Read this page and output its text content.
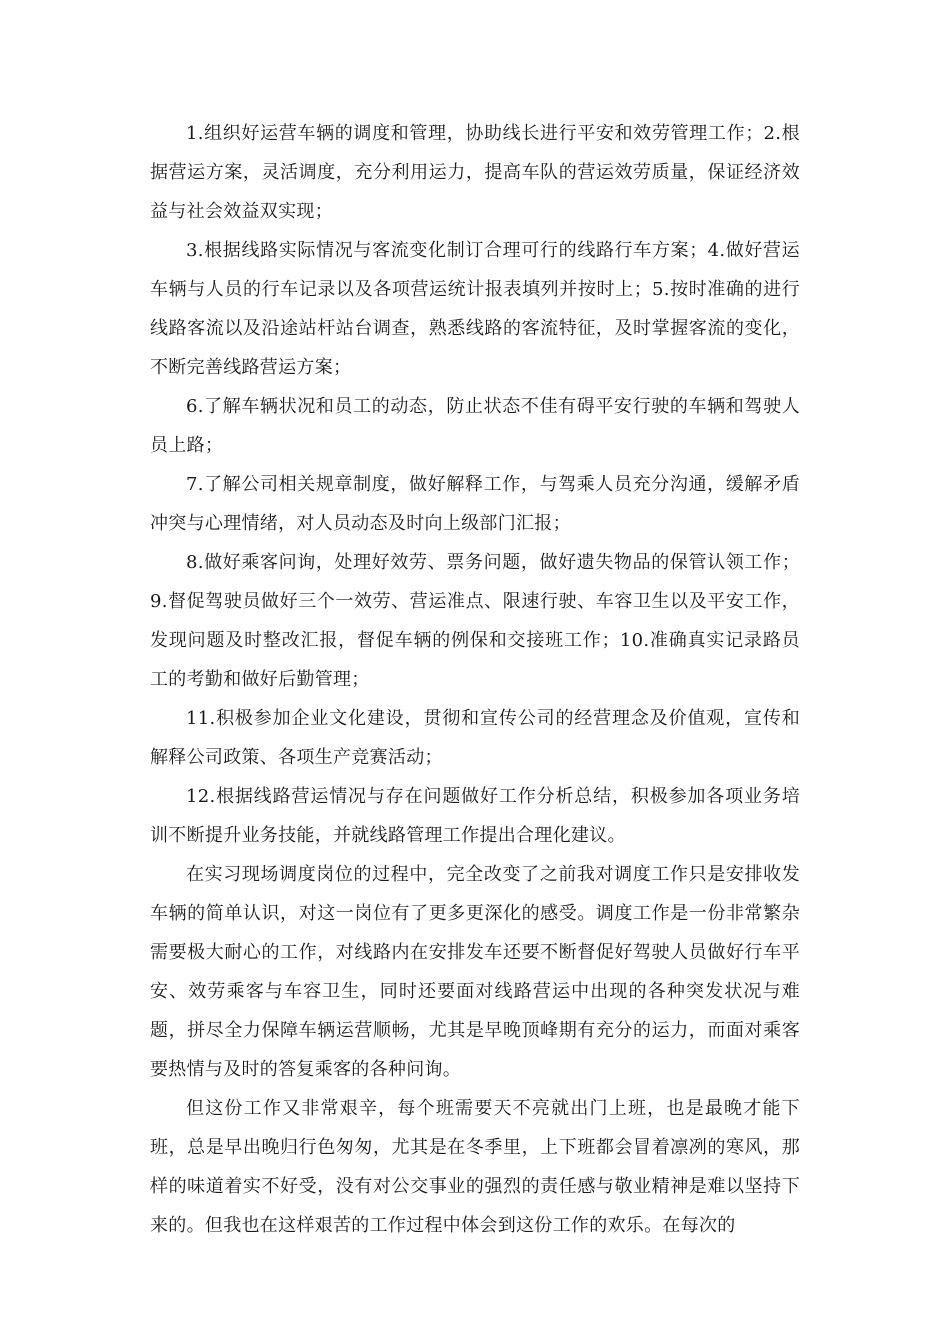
1.组织好运营车辆的调度和管理，协助线长进行平安和效劳管理工作；2.根据营运方案，灵活调度，充分利用运力，提高车队的营运效劳质量，保证经济效益与社会效益双实现；

3.根据线路实际情况与客流变化制订合理可行的线路行车方案；4.做好营运车辆与人员的行车记录以及各项营运统计报表填列并按时上；5.按时准确的进行线路客流以及沿途站杆站台调查，熟悉线路的客流特征，及时掌握客流的变化，不断完善线路营运方案；

6.了解车辆状况和员工的动态，防止状态不佳有碍平安行驶的车辆和驾驶人员上路；

7.了解公司相关规章制度，做好解释工作，与驾乘人员充分沟通，缓解矛盾冲突与心理情绪，对人员动态及时向上级部门汇报；

8.做好乘客问询，处理好效劳、票务问题，做好遗失物品的保管认领工作；9.督促驾驶员做好三个一效劳、营运准点、限速行驶、车容卫生以及平安工作，发现问题及时整改汇报，督促车辆的例保和交接班工作；10.准确真实记录路员工的考勤和做好后勤管理；

11.积极参加企业文化建设，贯彻和宣传公司的经营理念及价值观，宣传和解释公司政策、各项生产竞赛活动；

12.根据线路营运情况与存在问题做好工作分析总结，积极参加各项业务培训不断提升业务技能，并就线路管理工作提出合理化建议。

在实习现场调度岗位的过程中，完全改变了之前我对调度工作只是安排收发车辆的简单认识，对这一岗位有了更多更深化的感受。调度工作是一份非常繁杂需要极大耐心的工作，对线路内在安排发车还要不断督促好驾驶人员做好行车平安、效劳乘客与车容卫生，同时还要面对线路营运中出现的各种突发状况与难题，拼尽全力保障车辆运营顺畅，尤其是早晚顶峰期有充分的运力，而面对乘客要热情与及时的答复乘客的各种问询。

但这份工作又非常艰辛，每个班需要天不亮就出门上班，也是最晚才能下班，总是早出晚归行色匆匆，尤其是在冬季里，上下班都会冒着凛冽的寒风，那样的味道着实不好受，没有对公交事业的强烈的责任感与敬业精神是难以坚持下来的。但我也在这样艰苦的工作过程中体会到这份工作的欢乐。在每次的
